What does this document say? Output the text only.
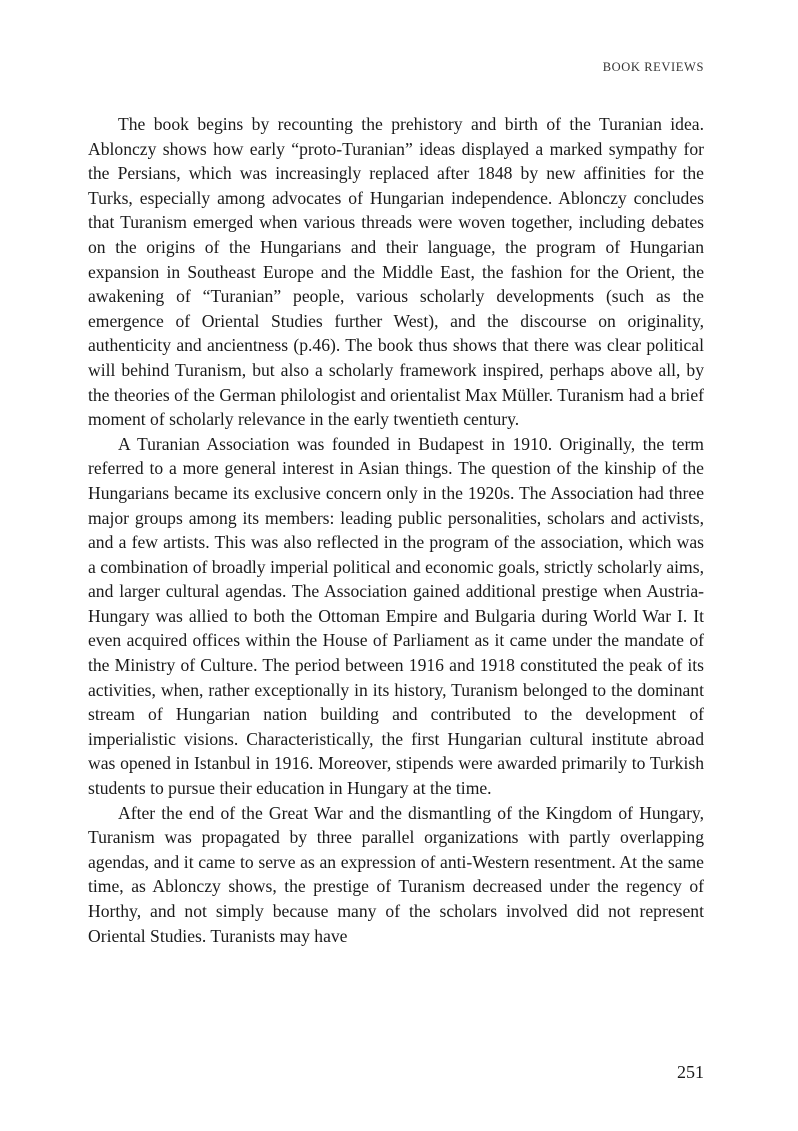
BOOK REVIEWS

The book begins by recounting the prehistory and birth of the Turanian idea. Ablonczy shows how early “proto-Turanian” ideas displayed a marked sympathy for the Persians, which was increasingly replaced after 1848 by new affinities for the Turks, especially among advocates of Hungarian independence. Ablonczy concludes that Turanism emerged when various threads were woven together, including debates on the origins of the Hungarians and their language, the program of Hungarian expansion in Southeast Europe and the Middle East, the fashion for the Orient, the awakening of “Turanian” people, various scholarly developments (such as the emergence of Oriental Studies further West), and the discourse on originality, authenticity and ancientness (p.46). The book thus shows that there was clear political will behind Turanism, but also a scholarly framework inspired, perhaps above all, by the theories of the German philologist and orientalist Max Müller. Turanism had a brief moment of scholarly relevance in the early twentieth century.

A Turanian Association was founded in Budapest in 1910. Originally, the term referred to a more general interest in Asian things. The question of the kinship of the Hungarians became its exclusive concern only in the 1920s. The Association had three major groups among its members: leading public personalities, scholars and activists, and a few artists. This was also reflected in the program of the association, which was a combination of broadly imperial political and economic goals, strictly scholarly aims, and larger cultural agendas. The Association gained additional prestige when Austria-Hungary was allied to both the Ottoman Empire and Bulgaria during World War I. It even acquired offices within the House of Parliament as it came under the mandate of the Ministry of Culture. The period between 1916 and 1918 constituted the peak of its activities, when, rather exceptionally in its history, Turanism belonged to the dominant stream of Hungarian nation building and contributed to the development of imperialistic visions. Characteristically, the first Hungarian cultural institute abroad was opened in Istanbul in 1916. Moreover, stipends were awarded primarily to Turkish students to pursue their education in Hungary at the time.

After the end of the Great War and the dismantling of the Kingdom of Hungary, Turanism was propagated by three parallel organizations with partly overlapping agendas, and it came to serve as an expression of anti-Western resentment. At the same time, as Ablonczy shows, the prestige of Turanism decreased under the regency of Horthy, and not simply because many of the scholars involved did not represent Oriental Studies. Turanists may have

251
